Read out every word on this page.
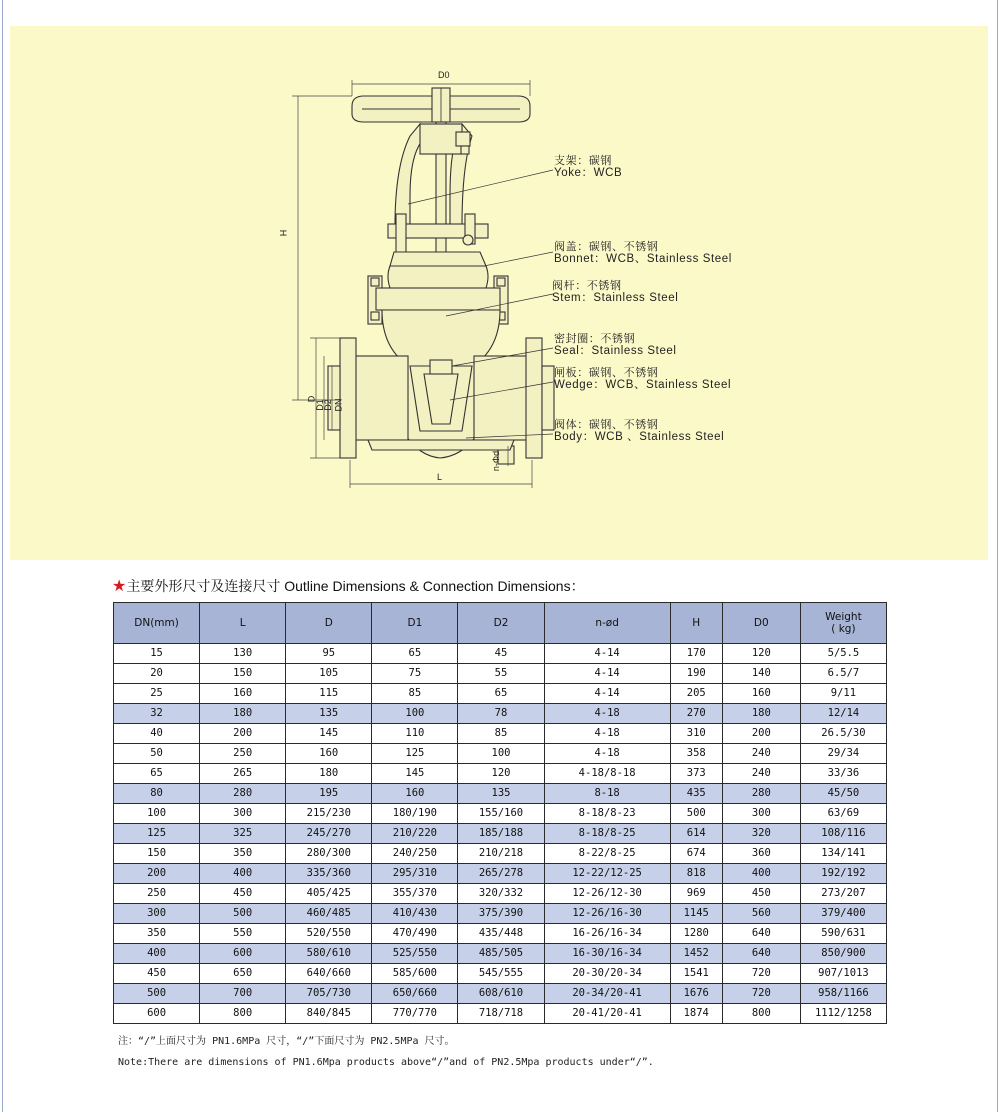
D0
H
D
D1
D2 DN
L
n-Φd
支架：碳钢
Yoke：WCB
阀盖：碳钢、不锈钢
Bonnet：WCB、Stainless Steel
阀杆：不锈钢
Stem：Stainless Steel
密封圈：不锈钢
Seal：Stainless Steel
闸板：碳钢、不锈钢
Wedge：WCB、Stainless Steel
阀体：碳钢、不锈钢
Body：WCB 、Stainless Steel
★主要外形尺寸及连接尺寸 Outline Dimensions & Connection Dimensions：
DN(mm)	L	D	D1	D2	n-ød	H	D0	Weight
( kg)
15	130	95	65	45	4-14	170	120	5/5.5
20	150	105	75	55	4-14	190	140	6.5/7
25	160	115	85	65	4-14	205	160	9/11
32	180	135	100	78	4-18	270	180	12/14
40	200	145	110	85	4-18	310	200	26.5/30
50	250	160	125	100	4-18	358	240	29/34
65	265	180	145	120	4-18/8-18	373	240	33/36
80	280	195	160	135	8-18	435	280	45/50
100	300	215/230	180/190	155/160	8-18/8-23	500	300	63/69
125	325	245/270	210/220	185/188	8-18/8-25	614	320	108/116
150	350	280/300	240/250	210/218	8-22/8-25	674	360	134/141
200	400	335/360	295/310	265/278	12-22/12-25	818	400	192/192
250	450	405/425	355/370	320/332	12-26/12-30	969	450	273/207
300	500	460/485	410/430	375/390	12-26/16-30	1145	560	379/400
350	550	520/550	470/490	435/448	16-26/16-34	1280	640	590/631
400	600	580/610	525/550	485/505	16-30/16-34	1452	640	850/900
450	650	640/660	585/600	545/555	20-30/20-34	1541	720	907/1013
500	700	705/730	650/660	608/610	20-34/20-41	1676	720	958/1166
600	800	840/845	770/770	718/718	20-41/20-41	1874	800	1112/1258
注：“/”上面尺寸为 PN1.6MPa 尺寸，“/”下面尺寸为 PN2.5MPa 尺寸。
Note:There are dimensions of PN1.6Mpa products above“/”and of PN2.5Mpa products under“/”.
